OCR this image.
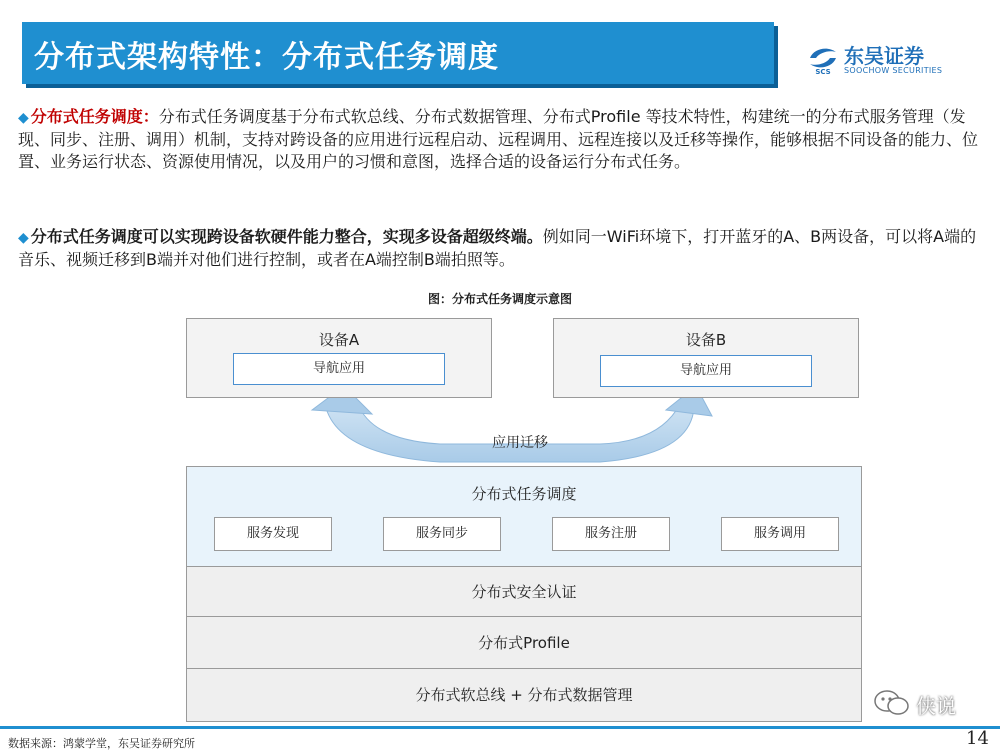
分布式架构特性：分布式任务调度	SCS
东吴证券
SOOCHOW SECURITIES
◆ 分布式任务调度：分布式任务调度基于分布式软总线、分布式数据管理、分布式Profile 等技术特性，构建统一的分布式服务管理（发现、同步、注册、调用）机制，支持对跨设备的应用进行远程启动、远程调用、远程连接以及迁移等操作，能够根据不同设备的能力、位置、业务运行状态、资源使用情况，以及用户的习惯和意图，选择合适的设备运行分布式任务。
◆ 分布式任务调度可以实现跨设备软硬件能力整合，实现多设备超级终端。例如同一WiFi环境下，打开蓝牙的A、B两设备，可以将A端的音乐、视频迁移到B端并对他们进行控制，或者在A端控制B端拍照等。
图：分布式任务调度示意图
设备A
导航应用
设备B
导航应用
应用迁移
分布式任务调度
服务发现	服务同步	服务注册	服务调用
分布式安全认证
分布式Profile
分布式软总线 + 分布式数据管理	侠说
数据来源：鸿蒙学堂，东吴证券研究所	14
